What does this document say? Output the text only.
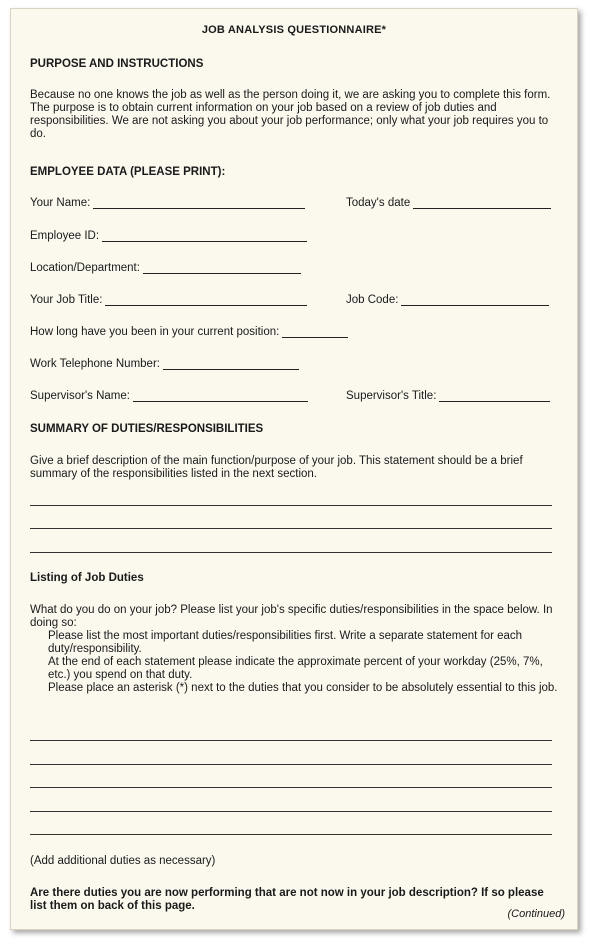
JOB ANALYSIS QUESTIONNAIRE*
PURPOSE AND INSTRUCTIONS
Because no one knows the job as well as the person doing it, we are asking you to complete this form. The purpose is to obtain current information on your job based on a review of job duties and responsibilities. We are not asking you about your job performance; only what your job requires you to do.
EMPLOYEE DATA (PLEASE PRINT):
Your Name:	Today's date
Employee ID:
Location/Department:
Your Job Title:	Job Code:
How long have you been in your current position:
Work Telephone Number:
Supervisor's Name:	Supervisor's Title:
SUMMARY OF DUTIES/RESPONSIBILITIES
Give a brief description of the main function/purpose of your job. This statement should be a brief summary of the responsibilities listed in the next section.
Listing of Job Duties
What do you do on your job? Please list your job's specific duties/responsibilities in the space below. In doing so:
Please list the most important duties/responsibilities first. Write a separate statement for each duty/responsibility.
At the end of each statement please indicate the approximate percent of your workday (25%, 7%, etc.) you spend on that duty.
Please place an asterisk (*) next to the duties that you consider to be absolutely essential to this job.
(Add additional duties as necessary)
Are there duties you are now performing that are not now in your job description? If so please list them on back of this page.
(Continued)
